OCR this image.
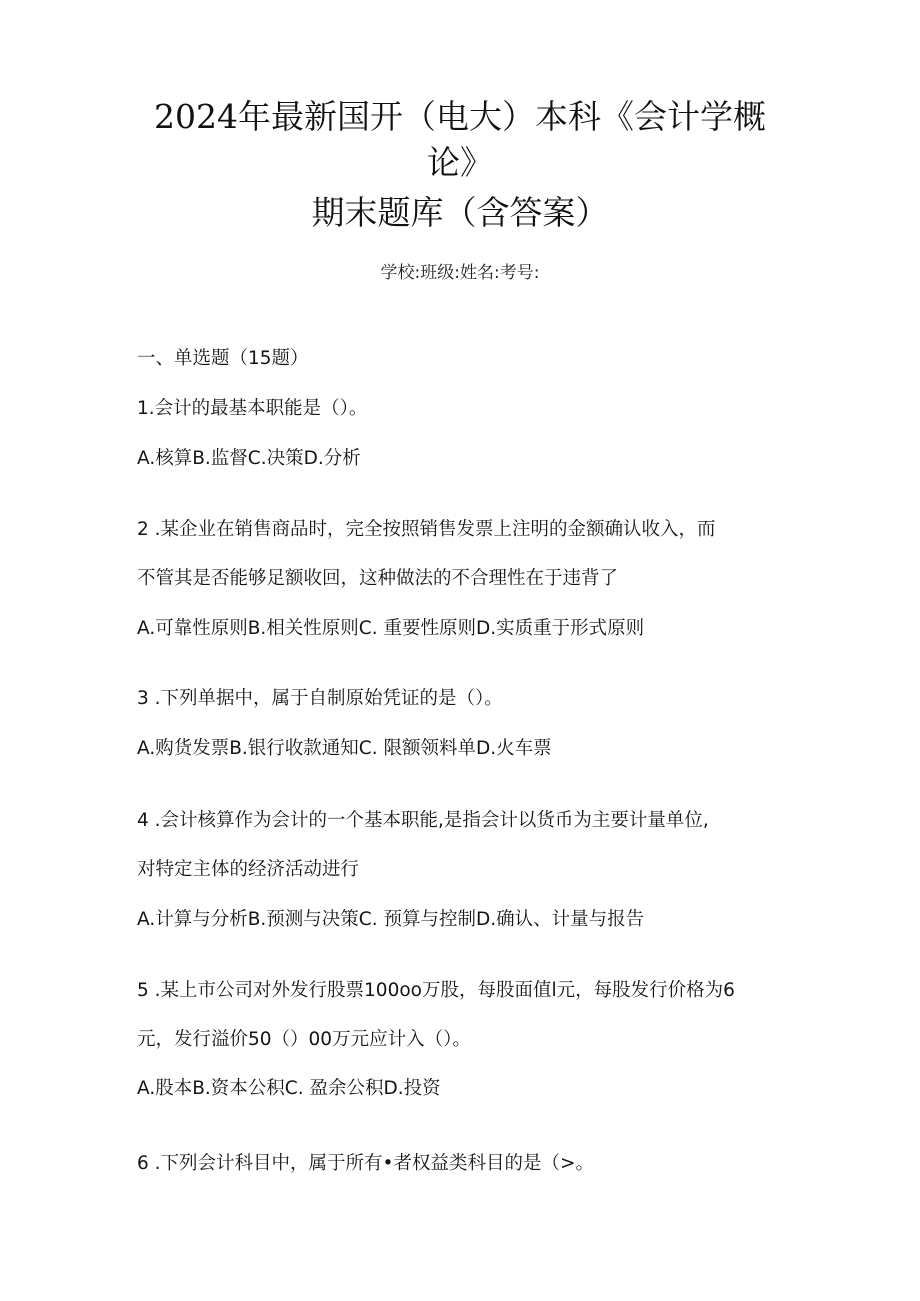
2024年最新国开（电大）本科《会计学概
论》
期末题库（含答案）
学校:班级:姓名:考号:
一、单选题（15题）
1.会计的最基本职能是（）。
A.核算B.监督C.决策D.分析
2 .某企业在销售商品时，完全按照销售发票上注明的金额确认收入，而
不管其是否能够足额收回，这种做法的不合理性在于违背了
A.可靠性原则B.相关性原则C. 重要性原则D.实质重于形式原则
3 .下列单据中，属于自制原始凭证的是（）。
A.购货发票B.银行收款通知C. 限额领料单D.火车票
4 .会计核算作为会计的一个基本职能,是指会计以货币为主要计量单位,
对特定主体的经济活动进行
A.计算与分析B.预测与决策C. 预算与控制D.确认、计量与报告
5 .某上市公司对外发行股票100oo万股，每股面值l元，每股发行价格为6
元，发行溢价50（）00万元应计入（）。
A.股本B.资本公积C. 盈余公积D.投资
6 .下列会计科目中，属于所有•者权益类科目的是（>。
